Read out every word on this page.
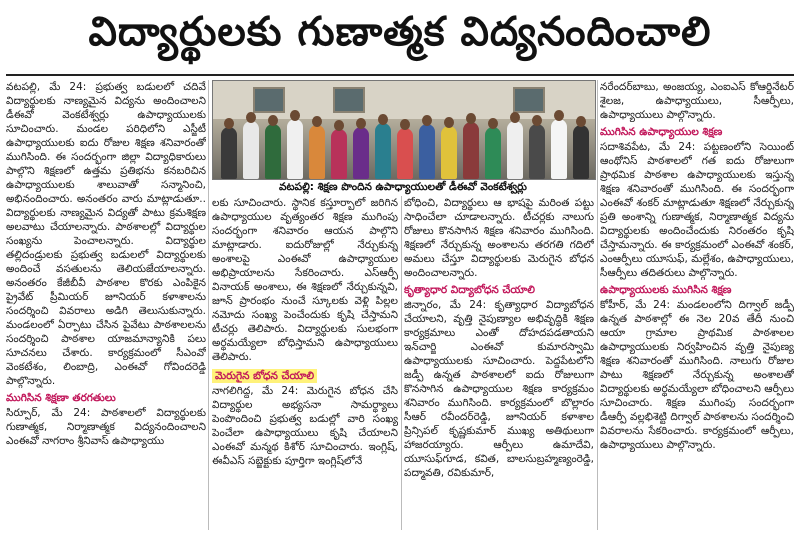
విద్యార్థులకు గుణాత్మక విద్యనందించాలి

వటపల్లి, మే 24: ప్రభుత్వ బడులలో చదివే విద్యార్థులకు నాణ్యమైన విద్యను అందించాలని డీఈవో వెంకటేశ్వర్లు ఉపాధ్యాయులకు సూచించారు. మండల పరిధిలోని ఎస్జీటీ ఉపాధ్యాయులకు ఐదు రోజుల శిక్షణ శనివారంతో ముగిసింది. ఈ సందర్భంగా జిల్లా విద్యాధికారులు పాల్గొని శిక్షణలో ఉత్తమ ప్రతిభను కనబరిచిన ఉపాధ్యాయులకు శాలువాతో సన్మానించి, అభినందించారు. అనంతరం వారు మాట్లాడుతూ.. విద్యార్థులకు నాణ్యమైన విద్యతో పాటు క్రమశిక్షణ అలవాటు చేయాలన్నారు. పాఠశాలల్లో విద్యార్థుల సంఖ్యను పెంచాలన్నారు. విద్యార్థుల తల్లిదండ్రులకు ప్రభుత్వ బడులలో విద్యార్థులకు అందించే వసతులను తెలియజేయాలన్నారు. అనంతరం కేజీబీవీ పాఠశాల కొరకు ఎంపికైన ప్రైవేట్ ప్రీమియర్ జూనియర్ కళాశాలను సందర్శించి వివరాలు అడిగి తెలుసుకున్నారు. మండలంలో ఏర్పాటు చేసిన పైవేటు పాఠశాలలను సందర్శించి పాఠశాల యాజమాన్యానికి పలు సూచనలు చేశారు. కార్యక్రమంలో సీఎంవో వెంకటేశం, లింబాద్రి, ఎంఈవో గోవిందరెడ్డి పాల్గొన్నారు.

ముగిసిన శిక్షణా తరగతులు

సిర్పూర్, మే 24: పాఠశాలలో విద్యార్థులకు గుణాత్మక, నిర్మాణాత్మక విద్యనందించాలని ఎంఈవో నాగరాం శ్రీనివాస్ ఉపాధ్యాయు

వటపల్లి: శిక్షణ పొందిన ఉపాధ్యాయులతో డీఈవో వెంకటేశ్వర్లు

లకు సూచించారు. స్థానిక కస్తూర్బాలో జరిగిన ఉపాధ్యాయుల వృత్యంతర శిక్షణ ముగింపు సందర్భంగా శనివారం ఆయన పాల్గొని మాట్లాడారు. ఐదురోజుల్లో నేర్చుకున్న అంశాలపై ఎంఈవో ఉపాధ్యాయుల అభిప్రాయాలను సేకరించారు. ఎస్ఆర్పీ వినాయక్ అంశాలు, ఈ శిక్షణలో నేర్చుకున్నవి, జూన్ ప్రారంభం నుంచే స్కూలకు వెళ్లి పిల్లల నమోదు సంఖ్య పెంచేందుకు కృషి చేస్తామని టీచర్లు తెలిపారు. విద్యార్థులకు సులభంగా అర్థమయ్యేలా బోధిస్తామని ఉపాధ్యాయులు తెలిపారు.

మెరుగైన బోధన చేయాలి

నాగలిగిద్ద, మే 24: మెరుగైన బోధన చేసి విద్యార్థుల అభ్యసనా సామర్థ్యాలు పెంపొందించి ప్రభుత్వ బడుల్లో వారి సంఖ్య పెంచేలా ఉపాధ్యాయులు కృషి చేయాలని ఎంఈవో మన్మథ కిశోర్ సూచించారు. ఇంగ్లిష్, ఈవీఎస్ సబ్జెక్టుకు పూర్తిగా ఇంగ్లిష్‌లోనే

బోధించి, విద్యార్థులు ఆ భాషపై మరింత పట్టు సాధించేలా చూడాలన్నారు. టీచర్లకు నాలుగు రోజులు కొనసాగిన శిక్షణ శనివారం ముగిసింది. శిక్షణలో నేర్చుకున్న అంశాలను తరగతి గదిలో అమలు చేస్తూ విద్యార్థులకు మెరుగైన బోధన అందించాలన్నారు.

కృత్యాధార విద్యాబోధన చేయాలి

జిన్నారం, మే 24: కృత్యాధార విద్యాబోధన చేయాలని, వృత్తి నైపుణ్యాల అభివృద్ధికి శిక్షణ కార్యక్రమాలు ఎంతో దోహదపడతాయని ఇన్‌చార్జి ఎంఈవో కుమారస్వామి ఉపాధ్యాయులకు సూచించారు. పెద్దపేటలోని జడ్పీ ఉన్నత పాఠశాలలో ఐదు రోజులుగా కొనసాగిన ఉపాధ్యాయుల శిక్షణ కార్యక్రమం శనివారం ముగిసింది. కార్యక్రమంలో బొల్లారం సీఆర్ రవీందర్‌రెడ్డి, జూనియర్ కళాశాల ప్రిన్సిపల్ కృష్ణకుమార్ ముఖ్య అతిథులుగా హాజరయ్యారు. ఆర్పీలు ఉమాదేవి, యూసుఫ్‌గూడ, కవిత, బాలసుబ్రహ్మణ్యంరెడ్డి, పద్మావతి, రవికుమార్,

నరేందర్‌బాబు, అంజయ్య, ఎంఐఎస్ కోఆర్డినేటర్ శైలజ, ఉపాధ్యాయులు, సీఆర్పీలు, ఉపాధ్యాయులు పాల్గొన్నారు.

ముగిసిన ఉపాధ్యాయుల శిక్షణ

సదాశివపేట, మే 24: పట్టణంలోని సెయింట్ ఆంథోనిస్ పాఠశాలలో గత ఐదు రోజులుగా ప్రాథమిక పాఠశాల ఉపాధ్యాయులకు ఇస్తున్న శిక్షణ శనివారంతో ముగిసింది. ఈ సందర్భంగా ఎంఈవో శంకర్ మాట్లాడుతూ శిక్షణలో నేర్చుకున్న ప్రతి అంశాన్ని గుణాత్మక, నిర్మాణాత్మక విద్యను విద్యార్థులకు అందించేందుకు నిరంతరం కృషి చేస్తామన్నారు. ఈ కార్యక్రమంలో ఎంఈవో శంకర్, ఎంఆర్పీలు యూసుఫ్, మల్లేశం, ఉపాధ్యాయులు, సీఆర్పీలు తదితరులు పాల్గొన్నారు.

ఉపాధ్యాయులకు ముగిసిన శిక్షణ

కోహీర్, మే 24: మండలంలోని దిగ్వాల్ జడ్పీ ఉన్నత పాఠశాల్లో ఈ నెల 20వ తేదీ నుంచి ఆయా గ్రామాల ప్రాథమిక పాఠశాలల ఉపాధ్యాయులకు నిర్వహించిన వృత్తి నైపుణ్య శిక్షణ శనివారంతో ముగిసింది. నాలుగు రోజుల పాటు శిక్షణలో నేర్చుకున్న అంశాలతో విద్యార్థులకు అర్థమయ్యేలా బోధించాలని ఆర్పీలు సూచించారు. శిక్షణ ముగింపు సందర్భంగా డీఆర్పీ వల్లభిశెట్టి దిగ్వాల్ పాఠశాలను సందర్శించి వివరాలను సేకరించారు. కార్యక్రమంలో ఆర్పీలు, ఉపాధ్యాయులు పాల్గొన్నారు.
